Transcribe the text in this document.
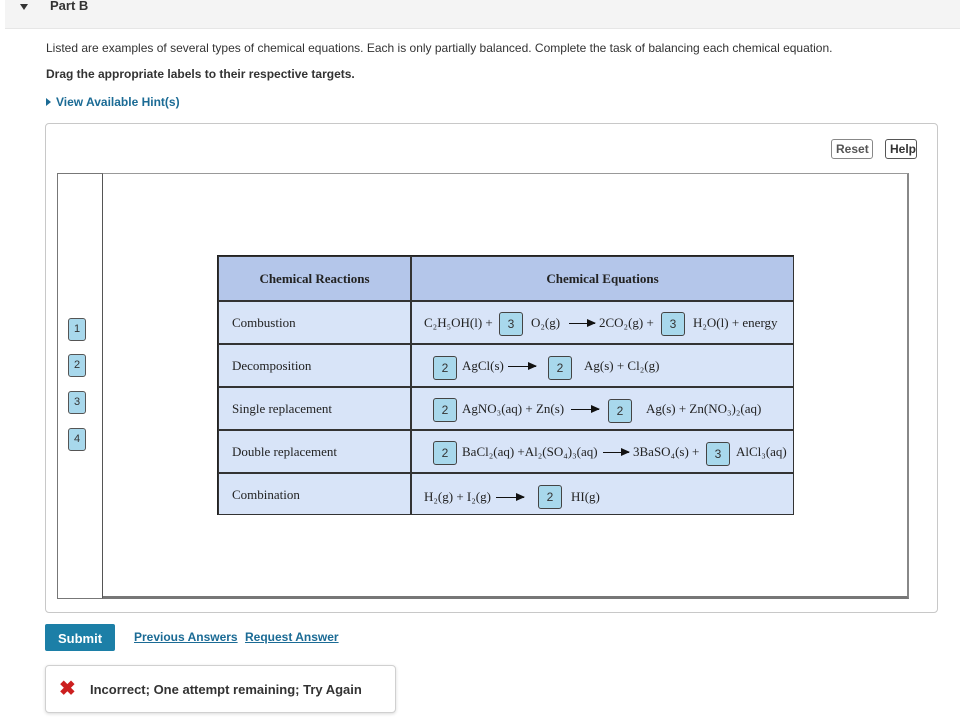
Part B
Listed are examples of several types of chemical equations. Each is only partially balanced. Complete the task of balancing each chemical equation.
Drag the appropriate labels to their respective targets.
View Available Hint(s)
Reset	Help
1
2
3
4
Chemical Reactions	Chemical Equations
Combustion	C₂H₅OH(l) +	3	O₂(g) → 2CO₂(g) +	3	H₂O(l) + energy
Decomposition	2	AgCl(s) →	2	Ag(s) + Cl₂(g)
Single replacement	2	AgNO₃(aq) + Zn(s) →	2	Ag(s) + Zn(NO₃)₂(aq)
Double replacement	2	BaCl₂(aq) +Al₂(SO₄)₃(aq) → 3BaSO₄(s) +	3	AlCl₃(aq)
Combination	H₂(g) + I₂(g) →	2	HI(g)
Submit	Previous Answers Request Answer
✖ Incorrect; One attempt remaining; Try Again
